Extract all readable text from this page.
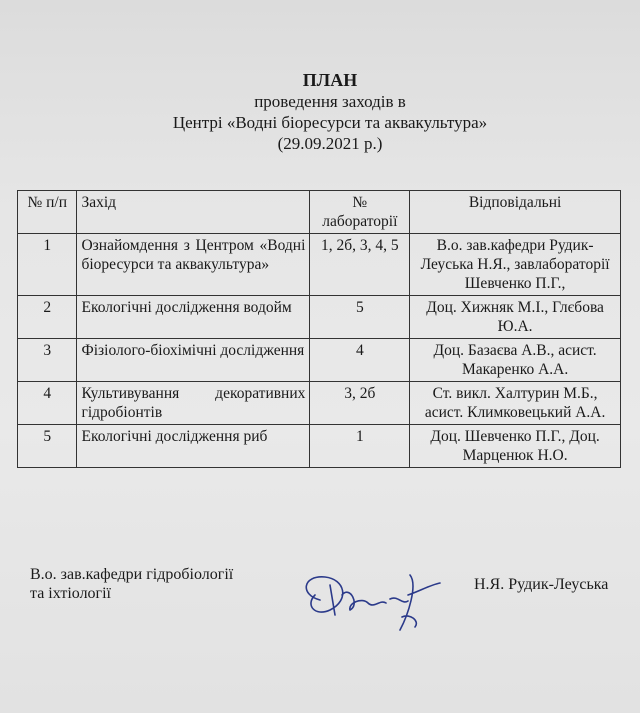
ПЛАН
проведення заходів в
Центрі «Водні біоресурси та аквакультура»
(29.09.2021 р.)
№ п/п	Захід	№ лабораторії	Відповідальні
1	Ознайомдення з Центром «Водні біоресурси та аквакультура»	1, 2б, 3, 4, 5	В.о. зав.кафедри Рудик-Леуська Н.Я., завлабораторії Шевченко П.Г.,
2	Екологічні дослідження водойм	5	Доц. Хижняк М.І., Глєбова Ю.А.
3	Фізіолого-біохімічні дослідження	4	Доц. Базаєва А.В., асист. Макаренко А.А.
4	Культивування декоративних гідробіонтів	3, 2б	Ст. викл. Халтурин М.Б., асист. Климковецький А.А.
5	Екологічні дослідження риб	1	Доц. Шевченко П.Г., Доц. Марценюк Н.О.
В.о. зав.кафедри гідробіології
та іхтіології
Н.Я. Рудик-Леуська
